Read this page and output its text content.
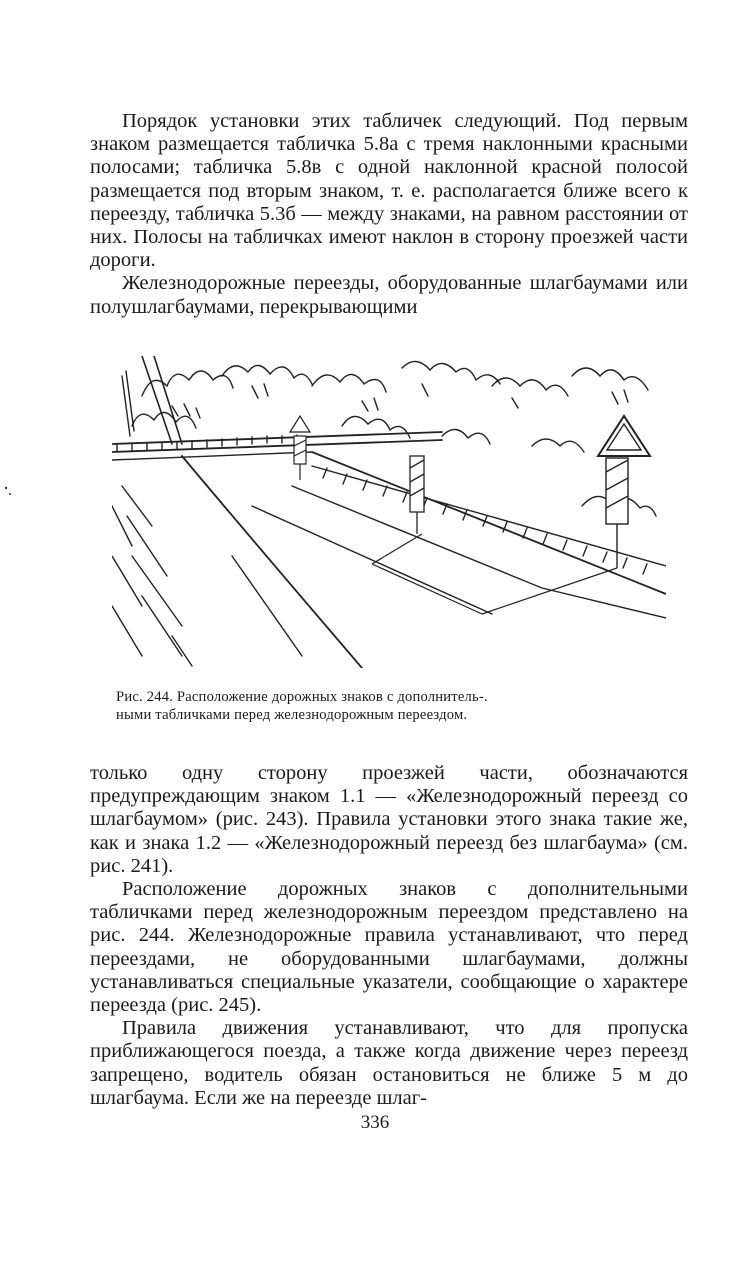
Порядок установки этих табличек следующий. Под первым знаком размещается табличка 5.8а с тремя наклонными красными полосами; табличка 5.8в с одной наклонной красной полосой размещается под вторым знаком, т. е. располагается ближе всего к переезду, табличка 5.3б — между знаками, на равном расстоянии от них. Полосы на табличках имеют наклон в сторону проезжей части дороги.

Железнодорожные переезды, оборудованные шлагбаумами или полушлагбаумами, перекрывающими

Рис. 244. Расположение дорожных знаков с дополнитель-.

ными табличками перед железнодорожным переездом.

только одну сторону проезжей части, обозначаются предупреждающим знаком 1.1 — «Железнодорожный переезд со шлагбаумом» (рис. 243). Правила установки этого знака такие же, как и знака 1.2 — «Железнодорожный переезд без шлагбаума» (см. рис. 241).

Расположение дорожных знаков с дополнительными табличками перед железнодорожным переездом представлено на рис. 244. Железнодорожные правила устанавливают, что перед переездами, не оборудованными шлагбаумами, должны устанавливаться специальные указатели, сообщающие о характере переезда (рис. 245).

Правила движения устанавливают, что для пропуска приближающегося поезда, а также когда движение через переезд запрещено, водитель обязан остановиться не ближе 5 м до шлагбаума. Если же на переезде шлаг-

336
